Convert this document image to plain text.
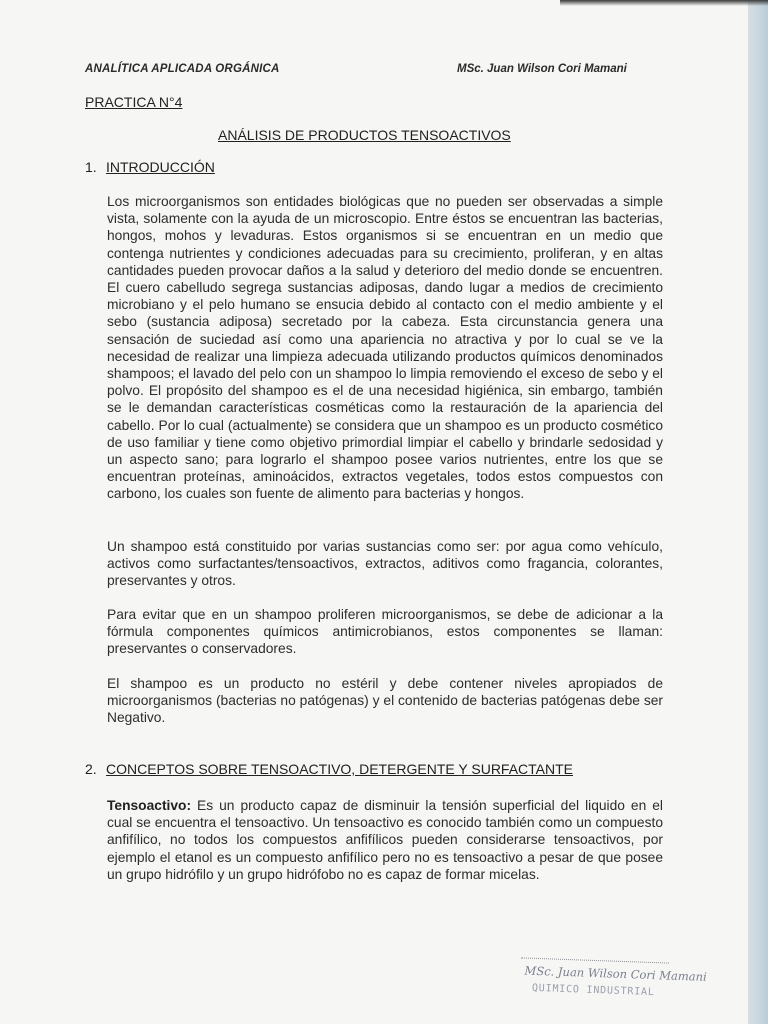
ANALÍTICA APLICADA ORGÁNICA	MSc. Juan Wilson Cori Mamani
PRACTICA N°4
ANÁLISIS DE PRODUCTOS TENSOACTIVOS
1. INTRODUCCIÓN

Los microorganismos son entidades biológicas que no pueden ser observadas a simple vista, solamente con la ayuda de un microscopio. Entre éstos se encuentran las bacterias, hongos, mohos y levaduras. Estos organismos si se encuentran en un medio que contenga nutrientes y condiciones adecuadas para su crecimiento, proliferan, y en altas cantidades pueden provocar daños a la salud y deterioro del medio donde se encuentren. El cuero cabelludo segrega sustancias adiposas, dando lugar a medios de crecimiento microbiano y el pelo humano se ensucia debido al contacto con el medio ambiente y el sebo (sustancia adiposa) secretado por la cabeza. Esta circunstancia genera una sensación de suciedad así como una apariencia no atractiva y por lo cual se ve la necesidad de realizar una limpieza adecuada utilizando productos químicos denominados shampoos; el lavado del pelo con un shampoo lo limpia removiendo el exceso de sebo y el polvo. El propósito del shampoo es el de una necesidad higiénica, sin embargo, también se le demandan características cosméticas como la restauración de la apariencia del cabello. Por lo cual (actualmente) se considera que un shampoo es un producto cosmético de uso familiar y tiene como objetivo primordial limpiar el cabello y brindarle sedosidad y un aspecto sano; para lograrlo el shampoo posee varios nutrientes, entre los que se encuentran proteínas, aminoácidos, extractos vegetales, todos estos compuestos con carbono, los cuales son fuente de alimento para bacterias y hongos.

Un shampoo está constituido por varias sustancias como ser: por agua como vehículo, activos como surfactantes/tensoactivos, extractos, aditivos como fragancia, colorantes, preservantes y otros.

Para evitar que en un shampoo proliferen microorganismos, se debe de adicionar a la fórmula componentes químicos antimicrobianos, estos componentes se llaman: preservantes o conservadores.

El shampoo es un producto no estéril y debe contener niveles apropiados de microorganismos (bacterias no patógenas) y el contenido de bacterias patógenas debe ser Negativo.

2. CONCEPTOS SOBRE TENSOACTIVO, DETERGENTE Y SURFACTANTE

Tensoactivo: Es un producto capaz de disminuir la tensión superficial del liquido en el cual se encuentra el tensoactivo. Un tensoactivo es conocido también como un compuesto anfifílico, no todos los compuestos anfifílicos pueden considerarse tensoactivos, por ejemplo el etanol es un compuesto anfifílico pero no es tensoactivo a pesar de que posee un grupo hidrófilo y un grupo hidrófobo no es capaz de formar micelas.

MSc. Juan Wilson Cori Mamani
QUIMICO INDUSTRIAL
